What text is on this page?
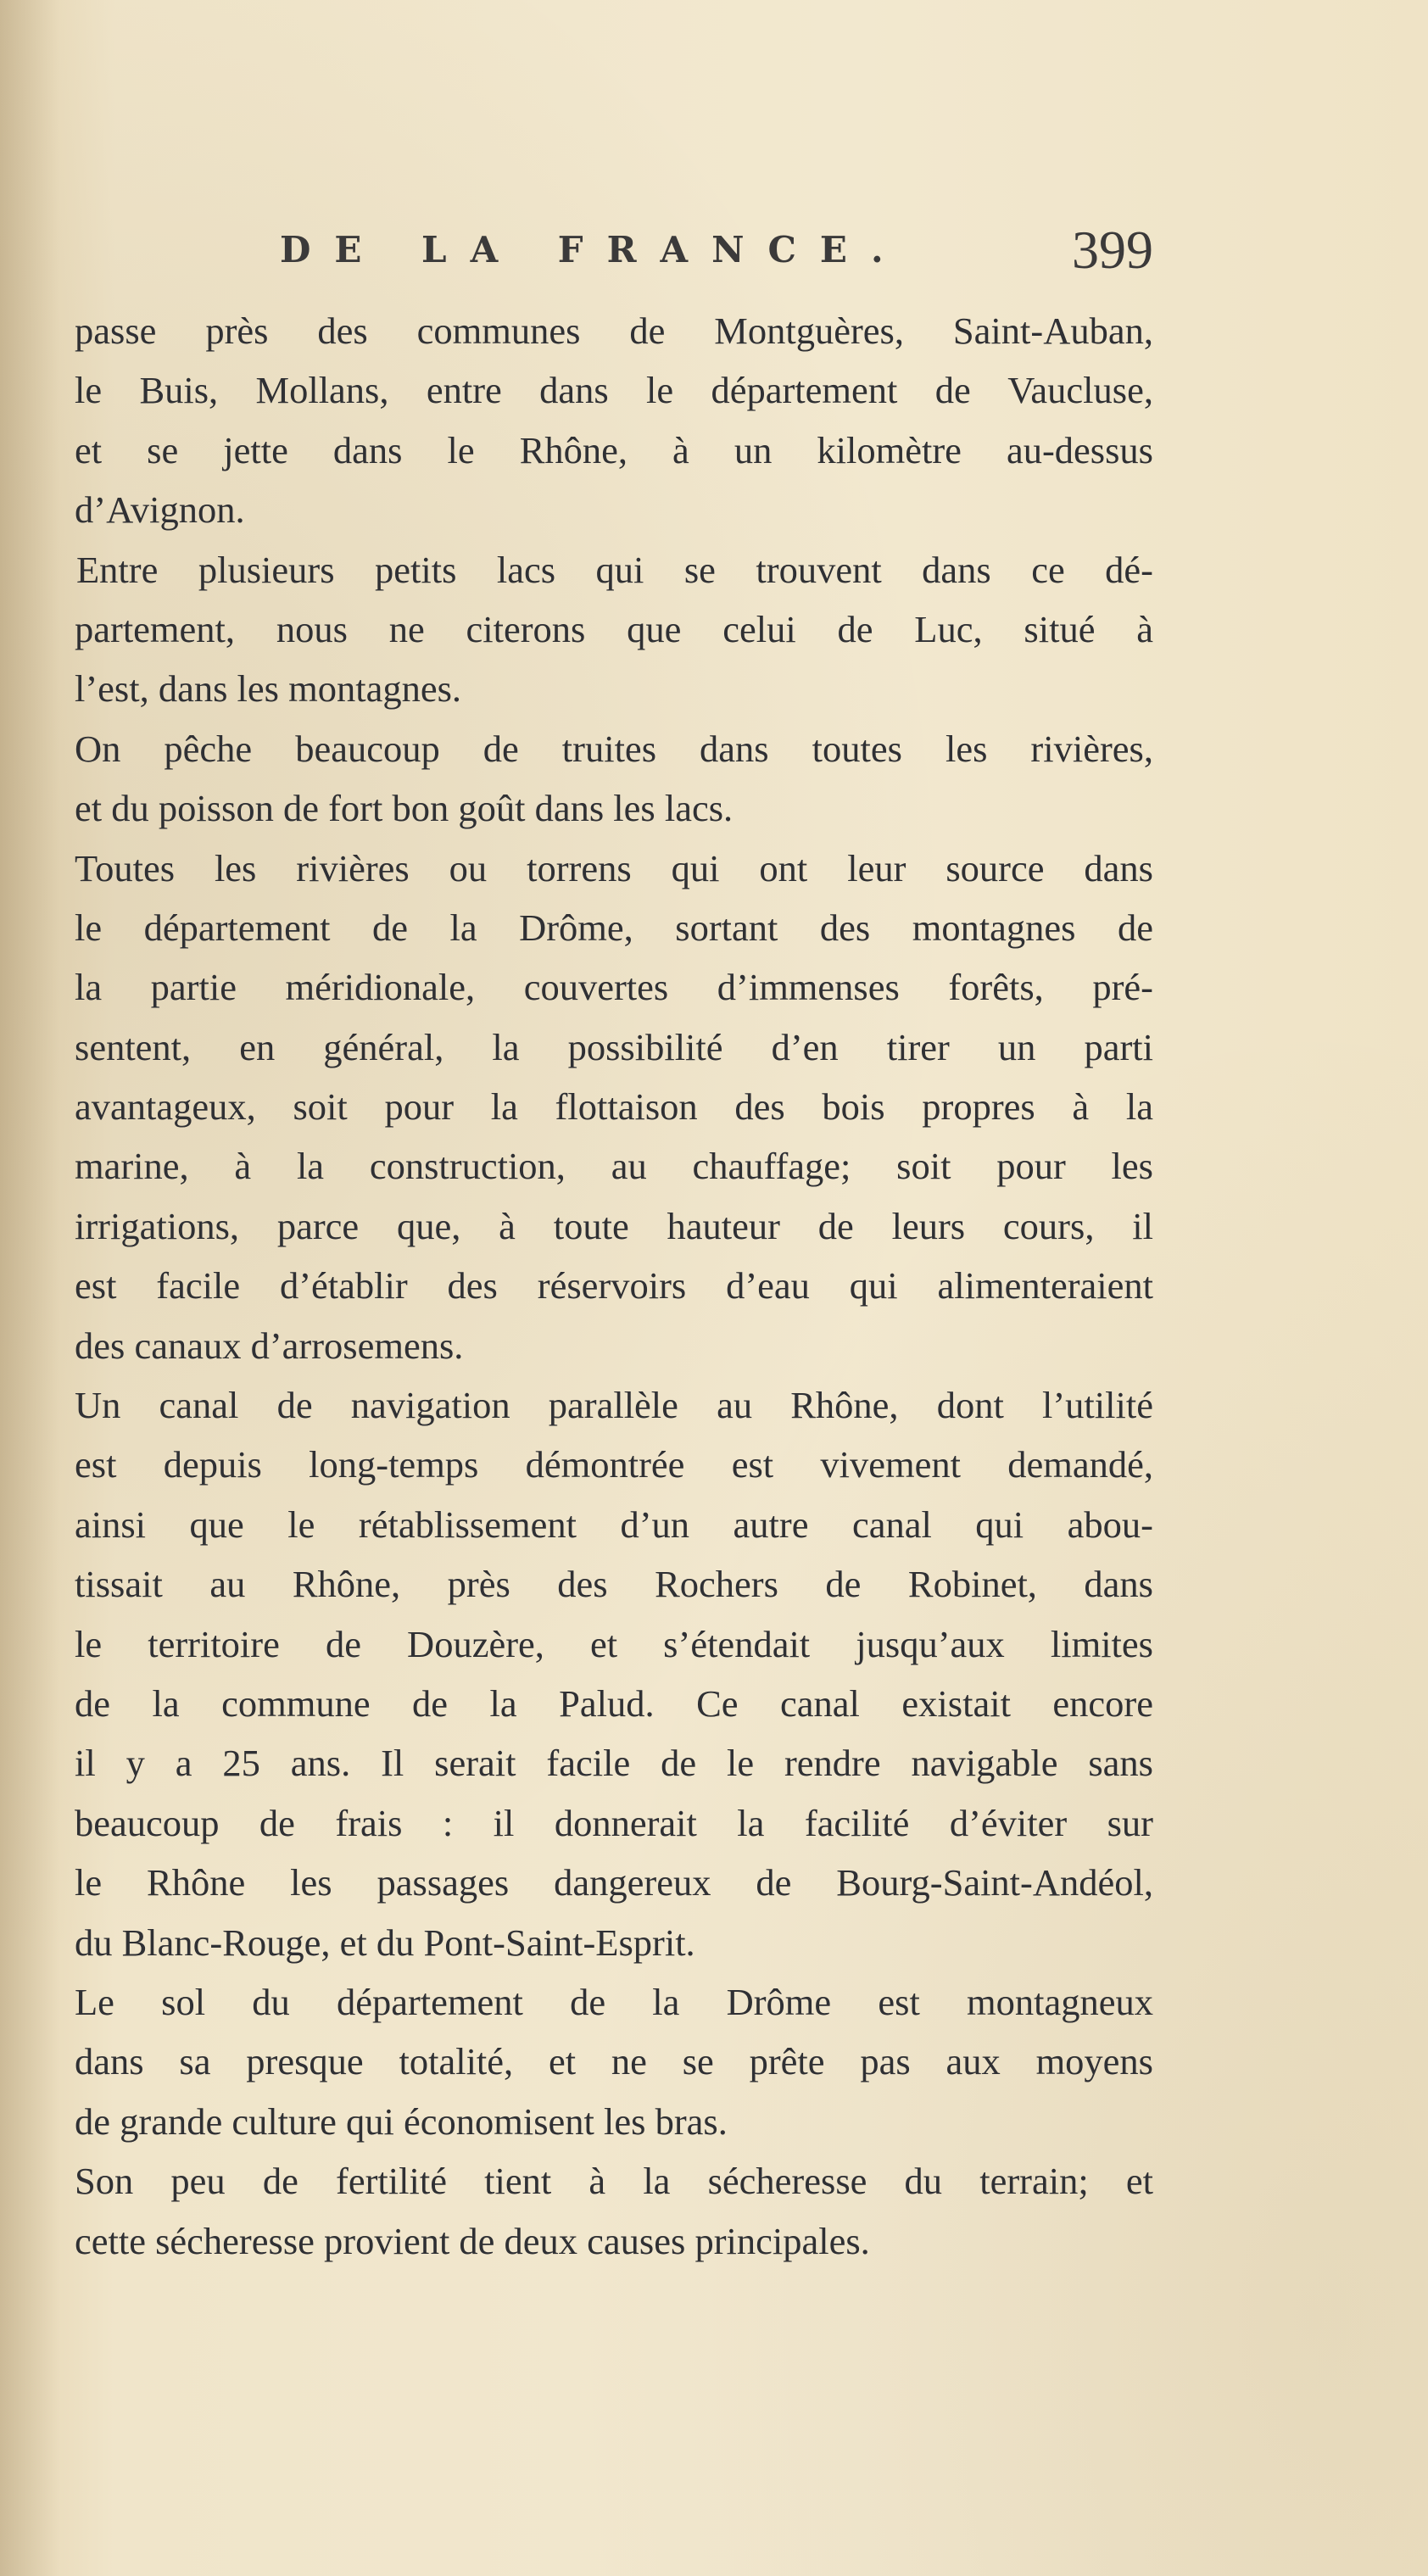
DE LA FRANCE.	399
passe près des communes de Montguères, Saint-Auban,
le Buis, Mollans, entre dans le département de Vaucluse,
et se jette dans le Rhône, à un kilomètre au-dessus
d’Avignon.
Entre plusieurs petits lacs qui se trouvent dans ce dé-
partement, nous ne citerons que celui de Luc, situé à
l’est, dans les montagnes.
On pêche beaucoup de truites dans toutes les rivières,
et du poisson de fort bon goût dans les lacs.
Toutes les rivières ou torrens qui ont leur source dans
le département de la Drôme, sortant des montagnes de
la partie méridionale, couvertes d’immenses forêts, pré-
sentent, en général, la possibilité d’en tirer un parti
avantageux, soit pour la flottaison des bois propres à la
marine, à la construction, au chauffage; soit pour les
irrigations, parce que, à toute hauteur de leurs cours, il
est facile d’établir des réservoirs d’eau qui alimenteraient
des canaux d’arrosemens.
Un canal de navigation parallèle au Rhône, dont l’utilité
est depuis long-temps démontrée est vivement demandé,
ainsi que le rétablissement d’un autre canal qui abou-
tissait au Rhône, près des Rochers de Robinet, dans
le territoire de Douzère, et s’étendait jusqu’aux limites
de la commune de la Palud. Ce canal existait encore
il y a 25 ans. Il serait facile de le rendre navigable sans
beaucoup de frais : il donnerait la facilité d’éviter sur
le Rhône les passages dangereux de Bourg-Saint-Andéol,
du Blanc-Rouge, et du Pont-Saint-Esprit.
Le sol du département de la Drôme est montagneux
dans sa presque totalité, et ne se prête pas aux moyens
de grande culture qui économisent les bras.
Son peu de fertilité tient à la sécheresse du terrain; et
cette sécheresse provient de deux causes principales.
